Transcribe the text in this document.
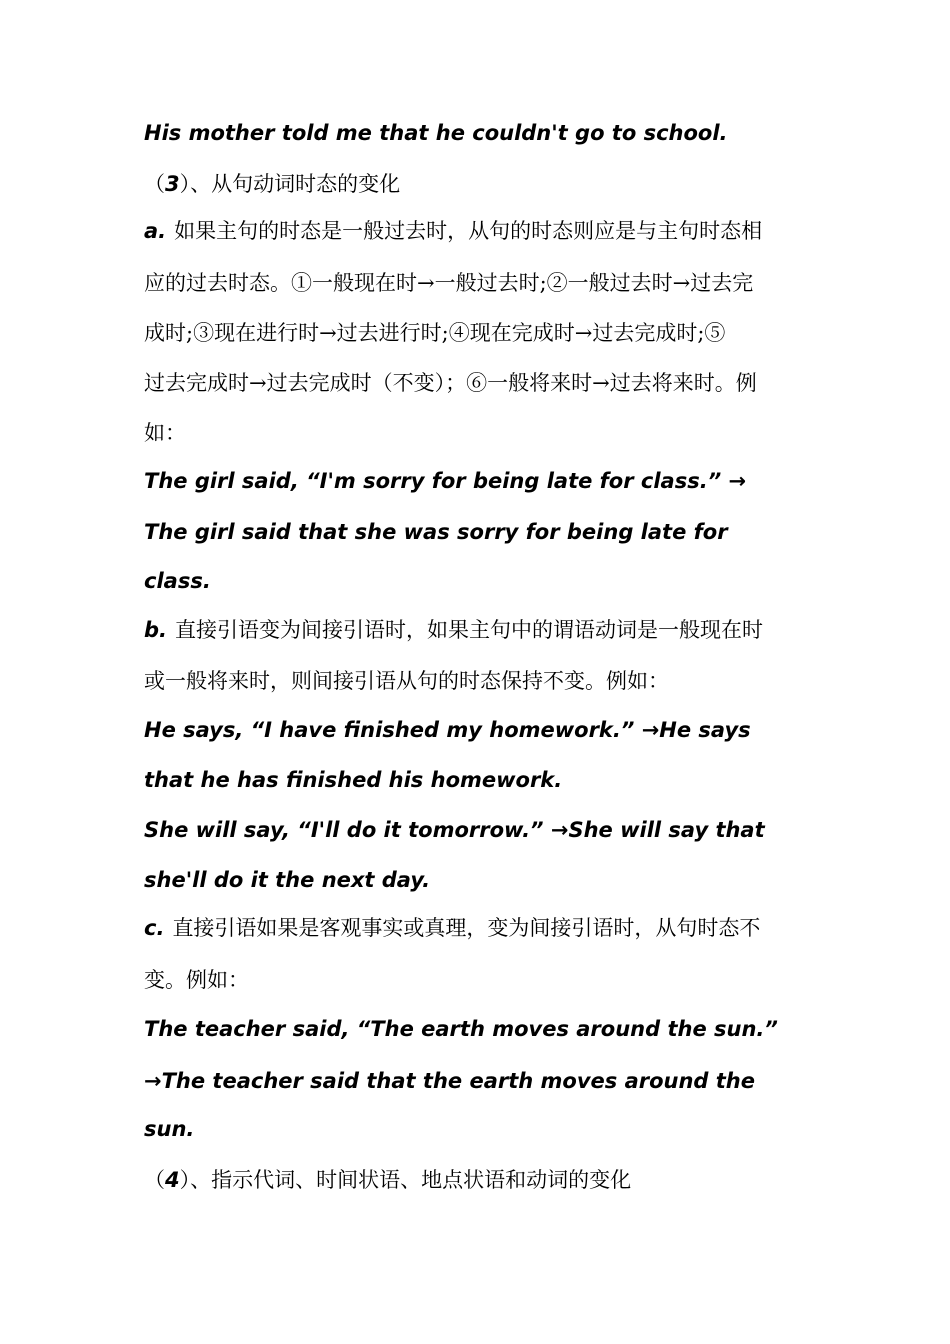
His mother told me that he couldn't go to school.
（3）、从句动词时态的变化
a. 如果主句的时态是一般过去时，从句的时态则应是与主句时态相
应的过去时态。①一般现在时→一般过去时;②一般过去时→过去完
成时;③现在进行时→过去进行时;④现在完成时→过去完成时;⑤
过去完成时→过去完成时（不变）；⑥一般将来时→过去将来时。例
如：
The girl said, “I'm sorry for being late for class.” →
The girl said that she was sorry for being late for
class.
b. 直接引语变为间接引语时，如果主句中的谓语动词是一般现在时
或一般将来时，则间接引语从句的时态保持不变。例如：
He says, “I have finished my homework.” →He says
that he has finished his homework.
She will say, “I'll do it tomorrow.” →She will say that
she'll do it the next day.
c. 直接引语如果是客观事实或真理，变为间接引语时，从句时态不
变。例如：
The teacher said, “The earth moves around the sun.”
→The teacher said that the earth moves around the
sun.
（4）、指示代词、时间状语、地点状语和动词的变化
